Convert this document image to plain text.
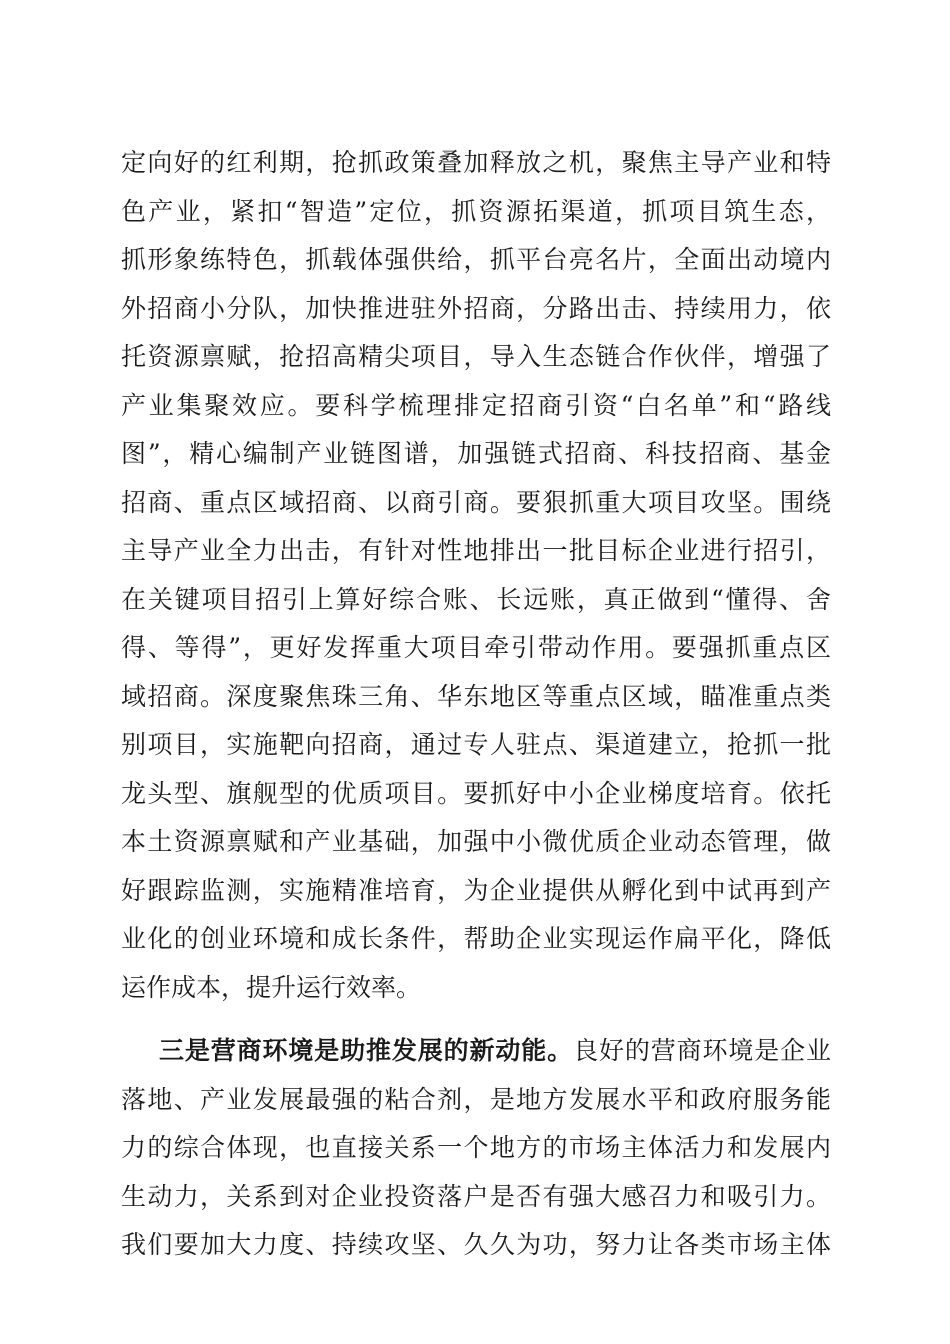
定向好的红利期，抢抓政策叠加释放之机，聚焦主导产业和特
色产业，紧扣“智造”定位，抓资源拓渠道，抓项目筑生态，
抓形象练特色，抓载体强供给，抓平台亮名片，全面出动境内
外招商小分队，加快推进驻外招商，分路出击、持续用力，依
托资源禀赋，抢招高精尖项目，导入生态链合作伙伴，增强了
产业集聚效应。要科学梳理排定招商引资“白名单”和“路线
图”，精心编制产业链图谱，加强链式招商、科技招商、基金
招商、重点区域招商、以商引商。要狠抓重大项目攻坚。围绕
主导产业全力出击，有针对性地排出一批目标企业进行招引，
在关键项目招引上算好综合账、长远账，真正做到“懂得、舍
得、等得”，更好发挥重大项目牵引带动作用。要强抓重点区
域招商。深度聚焦珠三角、华东地区等重点区域，瞄准重点类
别项目，实施靶向招商，通过专人驻点、渠道建立，抢抓一批
龙头型、旗舰型的优质项目。要抓好中小企业梯度培育。依托
本土资源禀赋和产业基础，加强中小微优质企业动态管理，做
好跟踪监测，实施精准培育，为企业提供从孵化到中试再到产
业化的创业环境和成长条件，帮助企业实现运作扁平化，降低
运作成本，提升运行效率。
三是营商环境是助推发展的新动能。良好的营商环境是企业
落地、产业发展最强的粘合剂，是地方发展水平和政府服务能
力的综合体现，也直接关系一个地方的市场主体活力和发展内
生动力，关系到对企业投资落户是否有强大感召力和吸引力。
我们要加大力度、持续攻坚、久久为功，努力让各类市场主体
